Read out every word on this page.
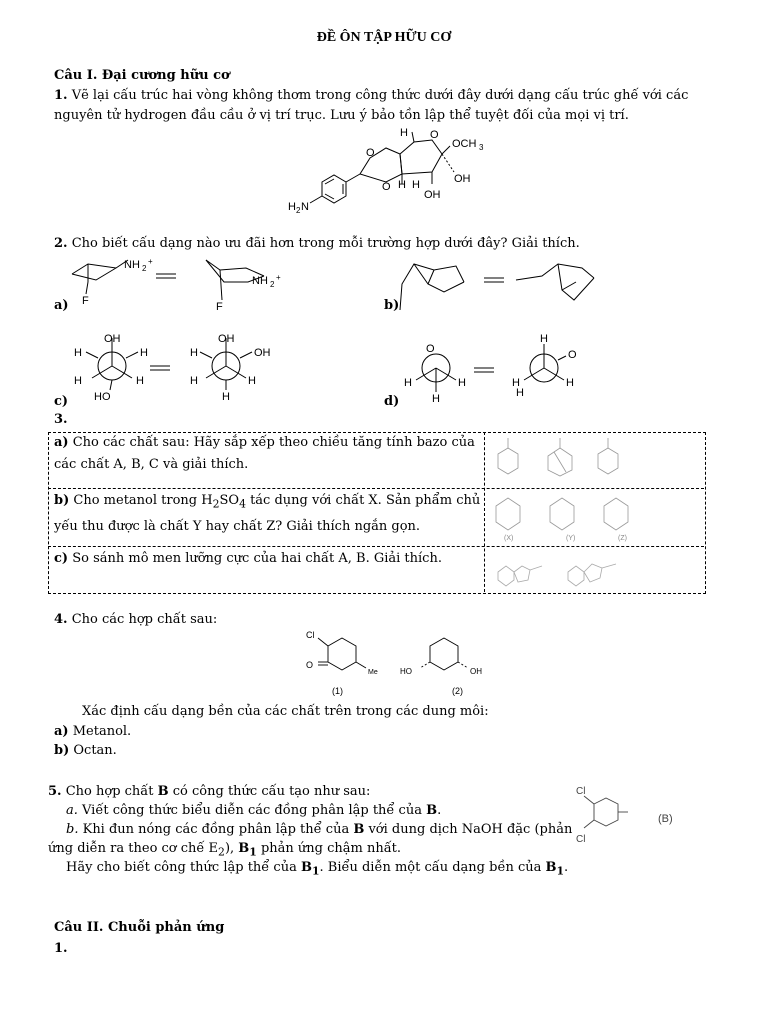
ĐỀ ÔN TẬP HỮU CƠ
Câu I. Đại cương hữu cơ
1. Vẽ lại cấu trúc hai vòng không thơm trong công thức dưới đây dưới dạng cấu trúc ghế với các
nguyên tử hydrogen đầu cầu ở vị trí trục. Lưu ý bảo tồn lập thể tuyệt đối của mọi vị trí.
H O
OCH 3
OH
OH
H
H
O
O
H 2 N
2. Cho biết cấu dạng nào ưu đãi hơn trong mỗi trường hợp dưới đây? Giải thích.
a)
NH 2
+
F
NH 2
+
F	b)
c)
OH
H	H
H	H
HO
OH
H	OH
H	H
H	d)
O
H	H
H
H
O
H	H
H
3.
a) Cho các chất sau: Hãy sắp xếp theo chiều tăng tính bazo của
các chất A, B, C và giải thích.
b) Cho metanol trong $H_2SO_4$ tác dụng với chất X. Sản phẩm chủ
yếu thu được là chất Y hay chất Z? Giải thích ngắn gọn.
c) So sánh mô men lưỡng cực của hai chất A, B. Giải thích.
(X)	(Y)	(Z)
4. Cho các hợp chất sau:
Cl
O
Me	HO	OH
(1)	(2)
Xác định cấu dạng bền của các chất trên trong các dung môi:
a) Metanol.
b) Octan.
5. Cho hợp chất B có công thức cấu tạo như sau:
a. Viết công thức biểu diễn các đồng phân lập thể của B.
b. Khi đun nóng các đồng phân lập thể của B với dung dịch NaOH đặc (phản
ứng diễn ra theo cơ chế $E_2$), $B_1$ phản ứng chậm nhất.
Hãy cho biết công thức lập thể của $B_1$. Biểu diễn một cấu dạng bền của $B_1$.
Cl
Cl
(B)
Câu II. Chuỗi phản ứng
1.
